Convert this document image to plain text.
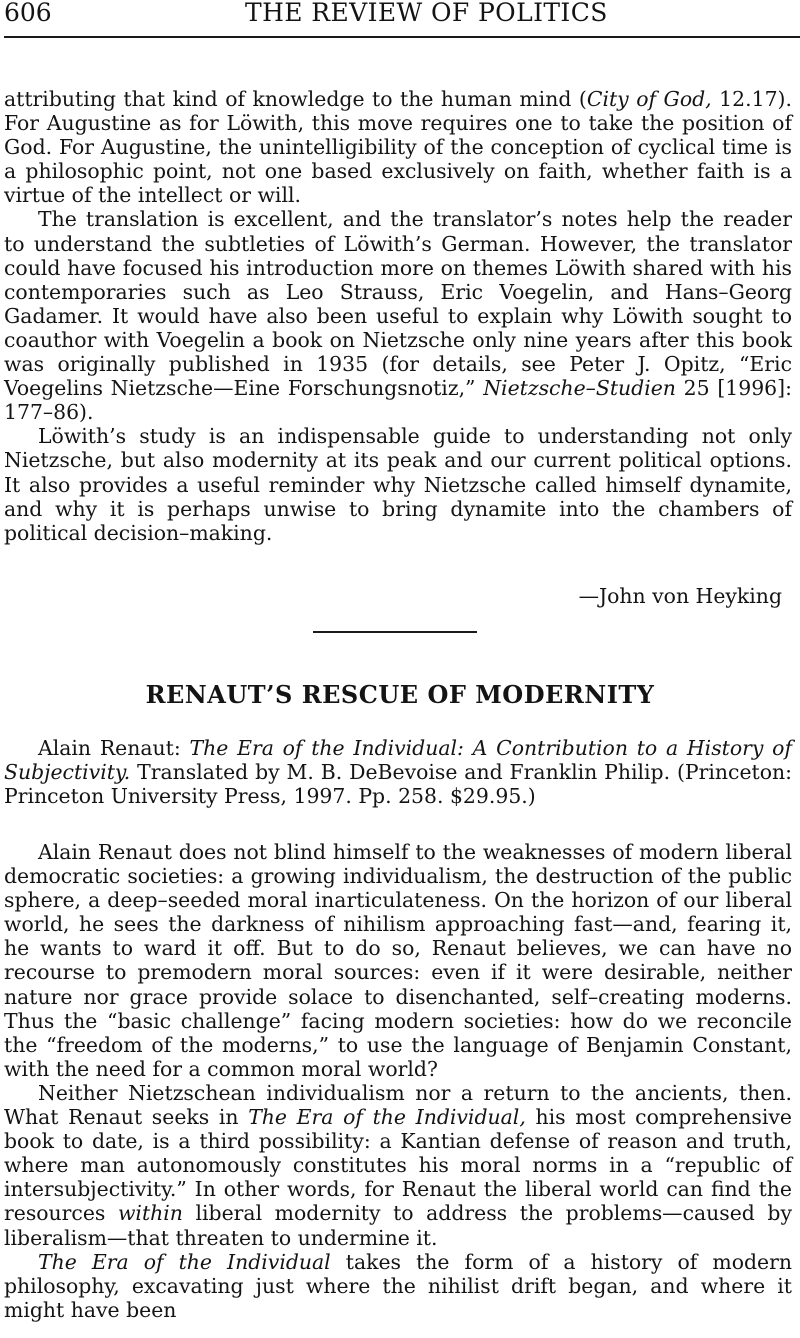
606	THE REVIEW OF POLITICS

attributing that kind of knowledge to the human mind (City of God, 12.17). For Augustine as for Löwith, this move requires one to take the position of God. For Augustine, the unintelligibility of the conception of cyclical time is a philosophic point, not one based exclusively on faith, whether faith is a virtue of the intellect or will.

The translation is excellent, and the translator’s notes help the reader to understand the subtleties of Löwith’s German. However, the translator could have focused his introduction more on themes Löwith shared with his contemporaries such as Leo Strauss, Eric Voegelin, and Hans–Georg Gadamer. It would have also been useful to explain why Löwith sought to coauthor with Voegelin a book on Nietzsche only nine years after this book was originally published in 1935 (for details, see Peter J. Opitz, “Eric Voegelins Nietzsche—Eine Forschungsnotiz,” Nietzsche–Studien 25 [1996]: 177–86).

Löwith’s study is an indispensable guide to understanding not only Nietzsche, but also modernity at its peak and our current political options. It also provides a useful reminder why Nietzsche called himself dynamite, and why it is perhaps unwise to bring dynamite into the chambers of political decision–making.

—John von Heyking
RENAUT’S RESCUE OF MODERNITY

Alain Renaut: The Era of the Individual: A Contribution to a History of Subjectivity. Translated by M. B. DeBevoise and Franklin Philip. (Princeton: Princeton University Press, 1997. Pp. 258. $29.95.)

Alain Renaut does not blind himself to the weaknesses of modern liberal democratic societies: a growing individualism, the destruction of the public sphere, a deep–seeded moral inarticulateness. On the horizon of our liberal world, he sees the darkness of nihilism approaching fast—and, fearing it, he wants to ward it off. But to do so, Renaut believes, we can have no recourse to premodern moral sources: even if it were desirable, neither nature nor grace provide solace to disenchanted, self–creating moderns. Thus the “basic challenge” facing modern societies: how do we reconcile the “freedom of the moderns,” to use the language of Benjamin Constant, with the need for a common moral world?

Neither Nietzschean individualism nor a return to the ancients, then. What Renaut seeks in The Era of the Individual, his most comprehensive book to date, is a third possibility: a Kantian defense of reason and truth, where man autonomously constitutes his moral norms in a “republic of intersubjectivity.” In other words, for Renaut the liberal world can find the resources within liberal modernity to address the problems—caused by liberalism—that threaten to undermine it.

The Era of the Individual takes the form of a history of modern philosophy, excavating just where the nihilist drift began, and where it might have been
